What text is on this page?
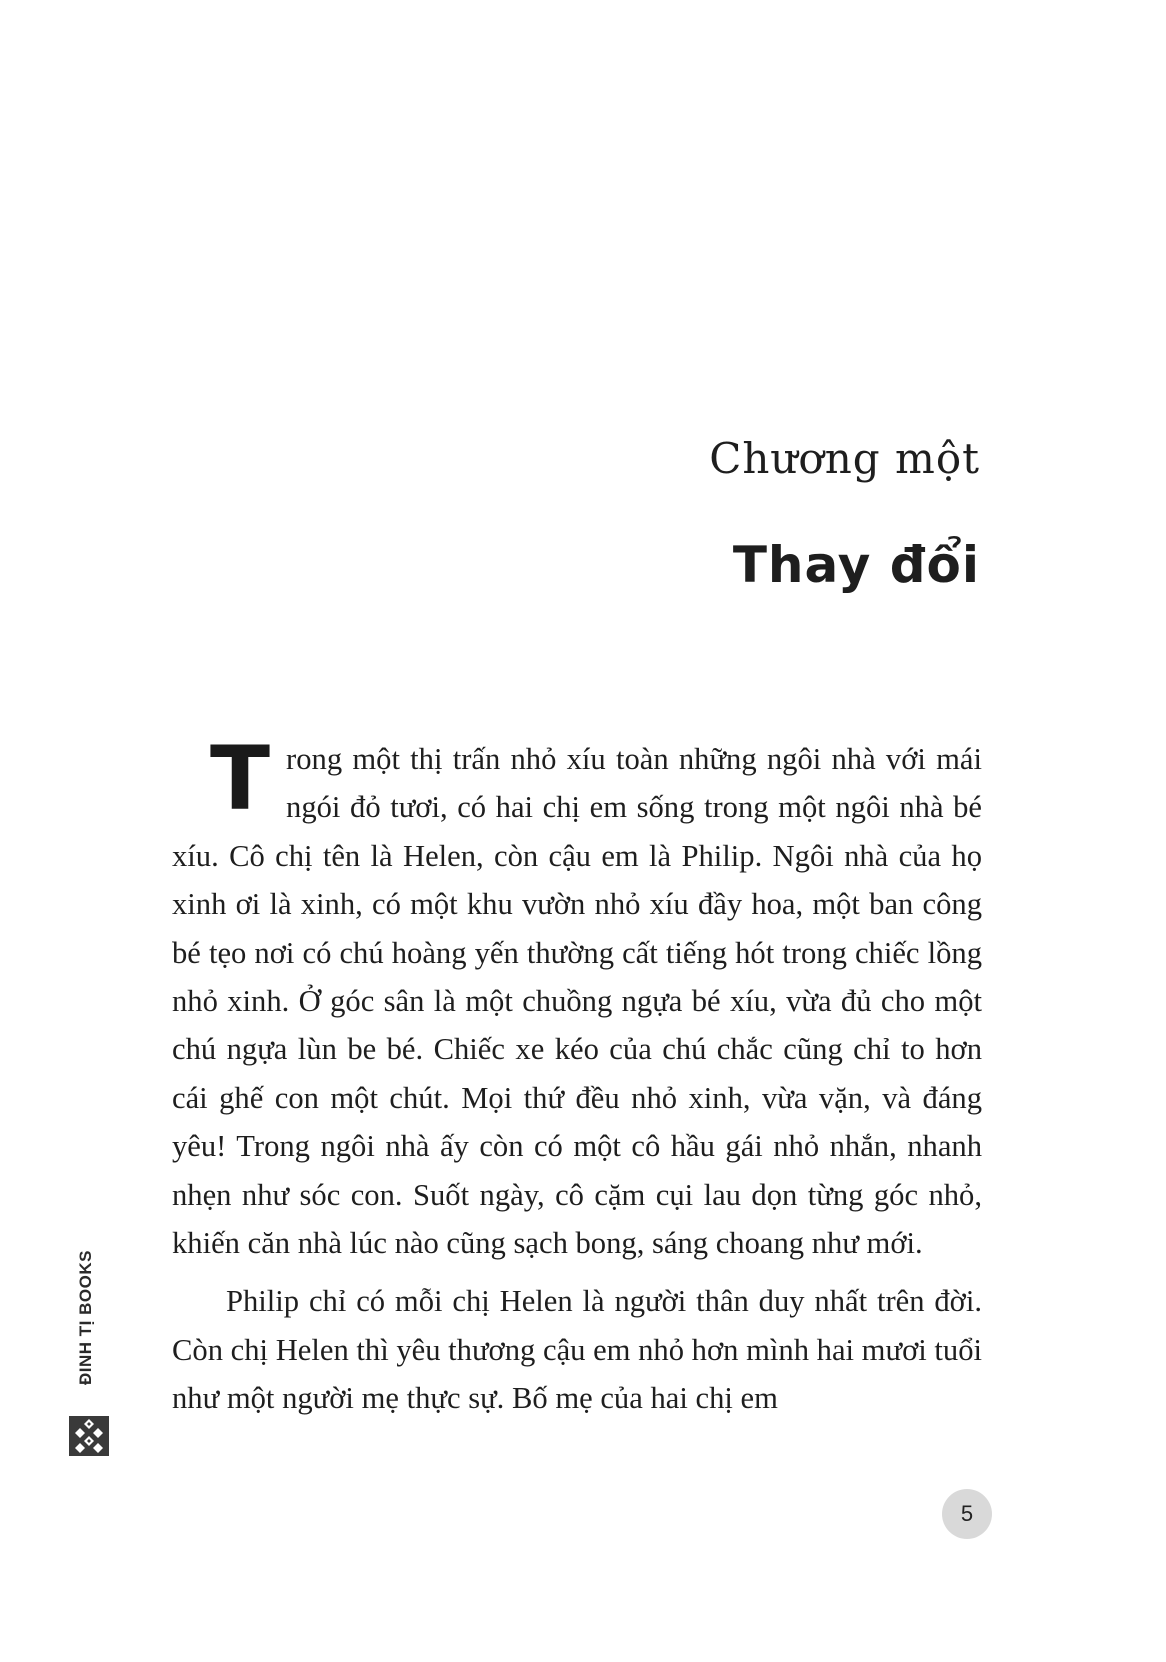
Chương một
Thay đổi

Trong một thị trấn nhỏ xíu toàn những ngôi nhà với mái ngói đỏ tươi, có hai chị em sống trong một ngôi nhà bé xíu. Cô chị tên là Helen, còn cậu em là Philip. Ngôi nhà của họ xinh ơi là xinh, có một khu vườn nhỏ xíu đầy hoa, một ban công bé tẹo nơi có chú hoàng yến thường cất tiếng hót trong chiếc lồng nhỏ xinh. Ở góc sân là một chuồng ngựa bé xíu, vừa đủ cho một chú ngựa lùn be bé. Chiếc xe kéo của chú chắc cũng chỉ to hơn cái ghế con một chút. Mọi thứ đều nhỏ xinh, vừa vặn, và đáng yêu! Trong ngôi nhà ấy còn có một cô hầu gái nhỏ nhắn, nhanh nhẹn như sóc con. Suốt ngày, cô cặm cụi lau dọn từng góc nhỏ, khiến căn nhà lúc nào cũng sạch bong, sáng choang như mới.

Philip chỉ có mỗi chị Helen là người thân duy nhất trên đời. Còn chị Helen thì yêu thương cậu em nhỏ hơn mình hai mươi tuổi như một người mẹ thực sự. Bố mẹ của hai chị em

ĐINH TỊ BOOKS
5
